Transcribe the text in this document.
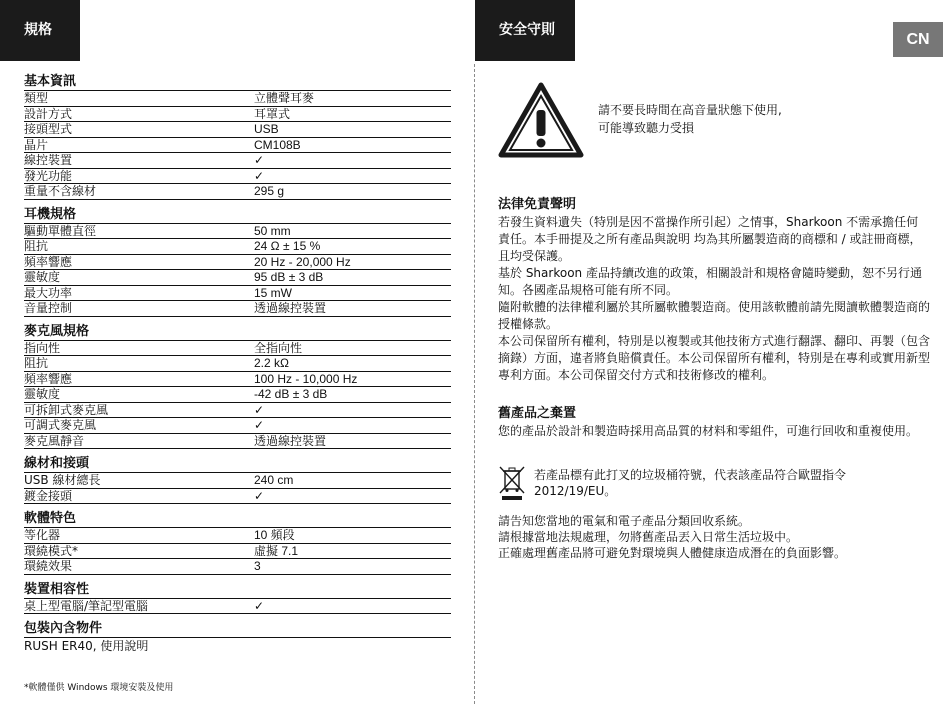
規格	安全守則
CN
基本資訊
類型	立體聲耳麥
設計方式	耳罩式
接頭型式	USB
晶片	CM108B
線控裝置	✓
發光功能	✓
重量不含線材	295 g
耳機規格
驅動單體直徑	50 mm
阻抗	24 Ω ± 15 %
頻率響應	20 Hz - 20,000 Hz
靈敏度	95 dB ± 3 dB
最大功率	15 mW
音量控制	透過線控裝置
麥克風規格
指向性	全指向性
阻抗	2.2 kΩ
頻率響應	100 Hz - 10,000 Hz
靈敏度	-42 dB ± 3 dB
可拆卸式麥克風	✓
可調式麥克風	✓
麥克風靜音	透過線控裝置
線材和接頭
USB 線材總長	240 cm
鍍金接頭	✓
軟體特色
等化器	10 頻段
環繞模式*	虛擬 7.1
環繞效果	3
裝置相容性
桌上型電腦/筆記型電腦	✓
包裝內含物件
RUSH ER40, 使用說明
*軟體僅供 Windows 環境安裝及使用
請不要長時間在高音量狀態下使用,
可能導致聽力受損
法律免責聲明

若發生資料遺失（特別是因不當操作所引起）之情事，Sharkoon 不需承擔任何責任。本手冊提及之所有產品與說明 均為其所屬製造商的商標和 / 或註冊商標，且均受保護。

基於 Sharkoon 產品持續改進的政策，相關設計和規格會隨時變動，恕不另行通知。各國產品規格可能有所不同。

隨附軟體的法律權利屬於其所屬軟體製造商。使用該軟體前請先閱讀軟體製造商的授權條款。

本公司保留所有權利，特別是以複製或其他技術方式進行翻譯、翻印、再製（包含摘錄）方面，違者將負賠償責任。本公司保留所有權利，特別是在專利或實用新型專利方面。本公司保留交付方式和技術修改的權利。

舊產品之棄置

您的產品於設計和製造時採用高品質的材料和零組件，可進行回收和重複使用。

若產品標有此打叉的垃圾桶符號，代表該產品符合歐盟指令 2012/19/EU。
請告知您當地的電氣和電子產品分類回收系統。
請根據當地法規處理，勿將舊產品丟入日常生活垃圾中。
正確處理舊產品將可避免對環境與人體健康造成潛在的負面影響。
